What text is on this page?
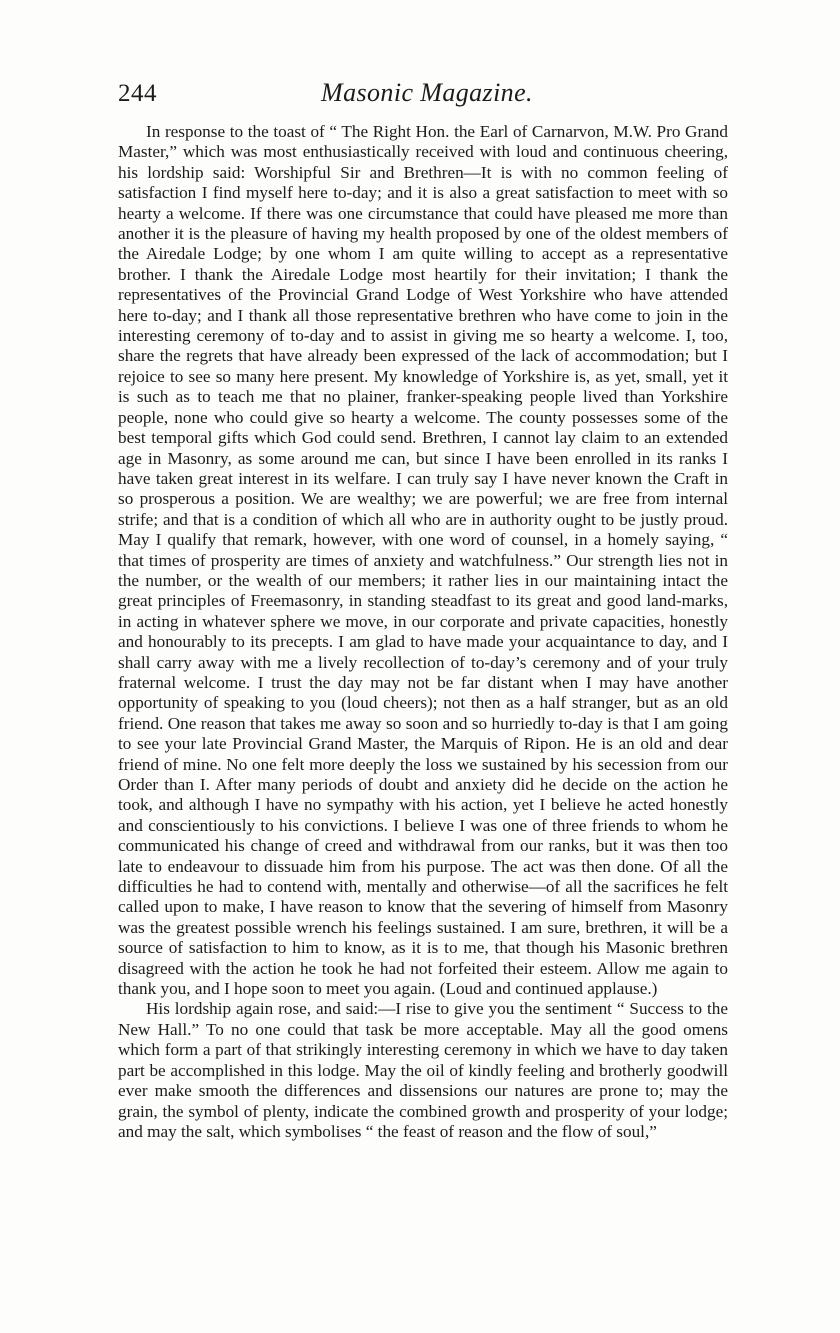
244	Masonic Magazine.

In response to the toast of “ The Right Hon. the Earl of Carnarvon, M.W. Pro Grand Master,” which was most enthusiastically received with loud and continuous cheering, his lordship said: Worshipful Sir and Brethren—It is with no common feeling of satisfaction I find myself here to-day; and it is also a great satisfaction to meet with so hearty a welcome. If there was one circumstance that could have pleased me more than another it is the pleasure of having my health proposed by one of the oldest members of the Airedale Lodge; by one whom I am quite willing to accept as a representative brother. I thank the Airedale Lodge most heartily for their invitation; I thank the representatives of the Provincial Grand Lodge of West Yorkshire who have attended here to-day; and I thank all those representative brethren who have come to join in the interesting ceremony of to-day and to assist in giving me so hearty a welcome. I, too, share the regrets that have already been expressed of the lack of accommodation; but I rejoice to see so many here present. My knowledge of Yorkshire is, as yet, small, yet it is such as to teach me that no plainer, franker-speaking people lived than Yorkshire people, none who could give so hearty a welcome. The county possesses some of the best temporal gifts which God could send. Brethren, I cannot lay claim to an extended age in Masonry, as some around me can, but since I have been enrolled in its ranks I have taken great interest in its welfare. I can truly say I have never known the Craft in so prosperous a position. We are wealthy; we are powerful; we are free from internal strife; and that is a condition of which all who are in authority ought to be justly proud. May I qualify that remark, however, with one word of counsel, in a homely saying, “ that times of prosperity are times of anxiety and watchfulness.” Our strength lies not in the number, or the wealth of our members; it rather lies in our maintaining intact the great principles of Freemasonry, in standing steadfast to its great and good land-marks, in acting in whatever sphere we move, in our corporate and private capacities, honestly and honourably to its precepts. I am glad to have made your acquaintance to day, and I shall carry away with me a lively recollection of to-day’s ceremony and of your truly fraternal welcome. I trust the day may not be far distant when I may have another opportunity of speaking to you (loud cheers); not then as a half stranger, but as an old friend. One reason that takes me away so soon and so hurriedly to-day is that I am going to see your late Provincial Grand Master, the Marquis of Ripon. He is an old and dear friend of mine. No one felt more deeply the loss we sustained by his secession from our Order than I. After many periods of doubt and anxiety did he decide on the action he took, and although I have no sympathy with his action, yet I believe he acted honestly and conscientiously to his convictions. I believe I was one of three friends to whom he communicated his change of creed and withdrawal from our ranks, but it was then too late to endeavour to dissuade him from his purpose. The act was then done. Of all the difficulties he had to contend with, mentally and otherwise—of all the sacrifices he felt called upon to make, I have reason to know that the severing of himself from Masonry was the greatest possible wrench his feelings sustained. I am sure, brethren, it will be a source of satisfaction to him to know, as it is to me, that though his Masonic brethren disagreed with the action he took he had not forfeited their esteem. Allow me again to thank you, and I hope soon to meet you again. (Loud and continued applause.)

His lordship again rose, and said:—I rise to give you the sentiment “ Success to the New Hall.” To no one could that task be more acceptable. May all the good omens which form a part of that strikingly interesting ceremony in which we have to day taken part be accomplished in this lodge. May the oil of kindly feeling and brotherly goodwill ever make smooth the differences and dissensions our natures are prone to; may the grain, the symbol of plenty, indicate the combined growth and prosperity of your lodge; and may the salt, which symbolises “ the feast of reason and the flow of soul,”
